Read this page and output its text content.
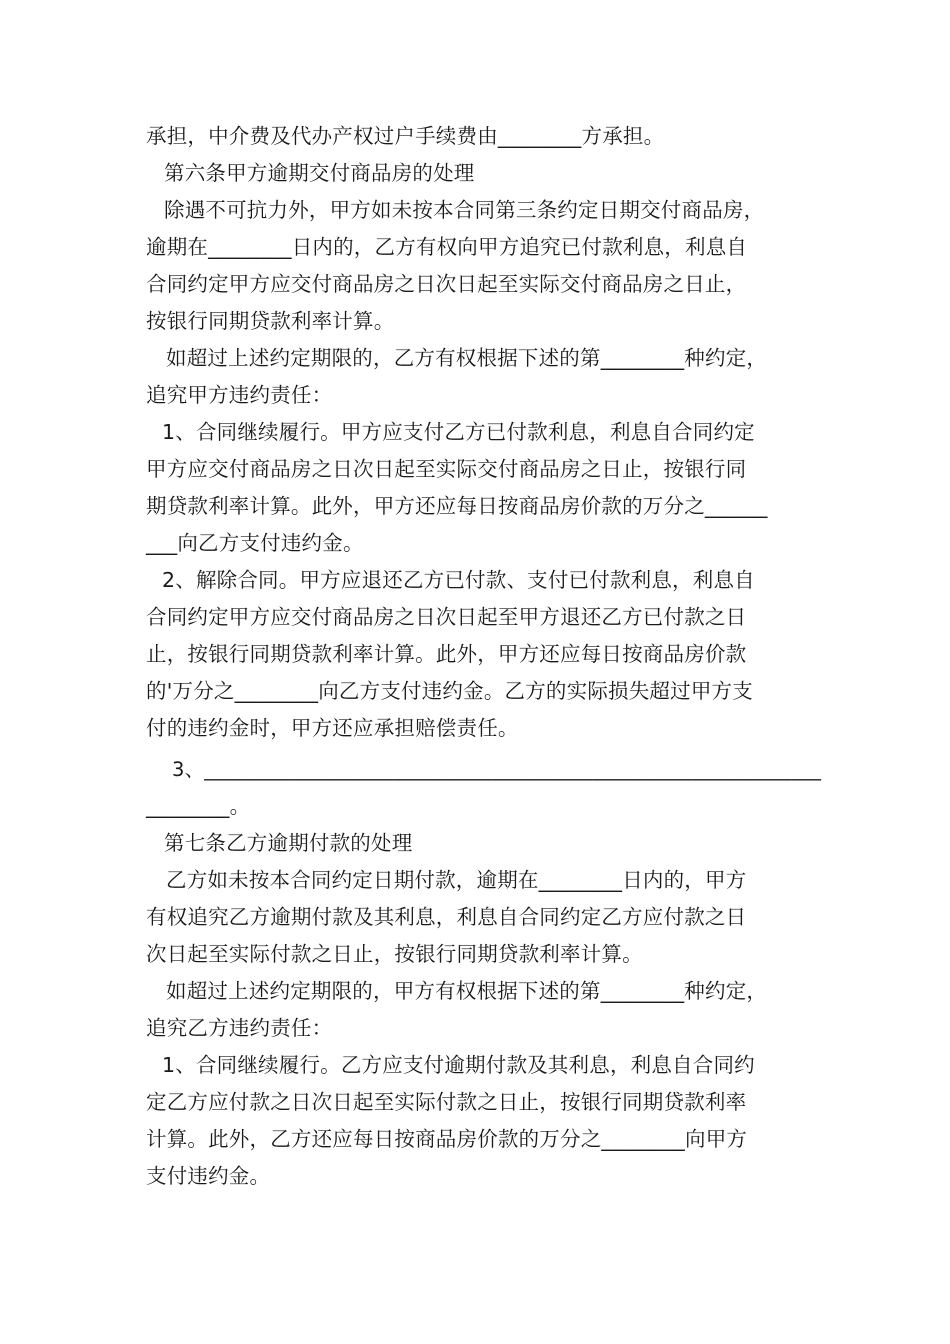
承担，中介费及代办产权过户手续费由________方承担。
第六条甲方逾期交付商品房的处理
除遇不可抗力外，甲方如未按本合同第三条约定日期交付商品房，
逾期在________日内的，乙方有权向甲方追究已付款利息，利息自
合同约定甲方应交付商品房之日次日起至实际交付商品房之日止，
按银行同期贷款利率计算。
如超过上述约定期限的，乙方有权根据下述的第________种约定，
追究甲方违约责任：
1、合同继续履行。甲方应支付乙方已付款利息，利息自合同约定
甲方应交付商品房之日次日起至实际交付商品房之日止，按银行同
期贷款利率计算。此外，甲方还应每日按商品房价款的万分之______
___向乙方支付违约金。
2、解除合同。甲方应退还乙方已付款、支付已付款利息，利息自
合同约定甲方应交付商品房之日次日起至甲方退还乙方已付款之日
止，按银行同期贷款利率计算。此外，甲方还应每日按商品房价款
的'万分之________向乙方支付违约金。乙方的实际损失超过甲方支
付的违约金时，甲方还应承担赔偿责任。
3、______________________________________________________________
________。
第七条乙方逾期付款的处理
乙方如未按本合同约定日期付款，逾期在________日内的，甲方
有权追究乙方逾期付款及其利息，利息自合同约定乙方应付款之日
次日起至实际付款之日止，按银行同期贷款利率计算。
如超过上述约定期限的，甲方有权根据下述的第________种约定，
追究乙方违约责任：
1、合同继续履行。乙方应支付逾期付款及其利息，利息自合同约
定乙方应付款之日次日起至实际付款之日止，按银行同期贷款利率
计算。此外，乙方还应每日按商品房价款的万分之________向甲方
支付违约金。
